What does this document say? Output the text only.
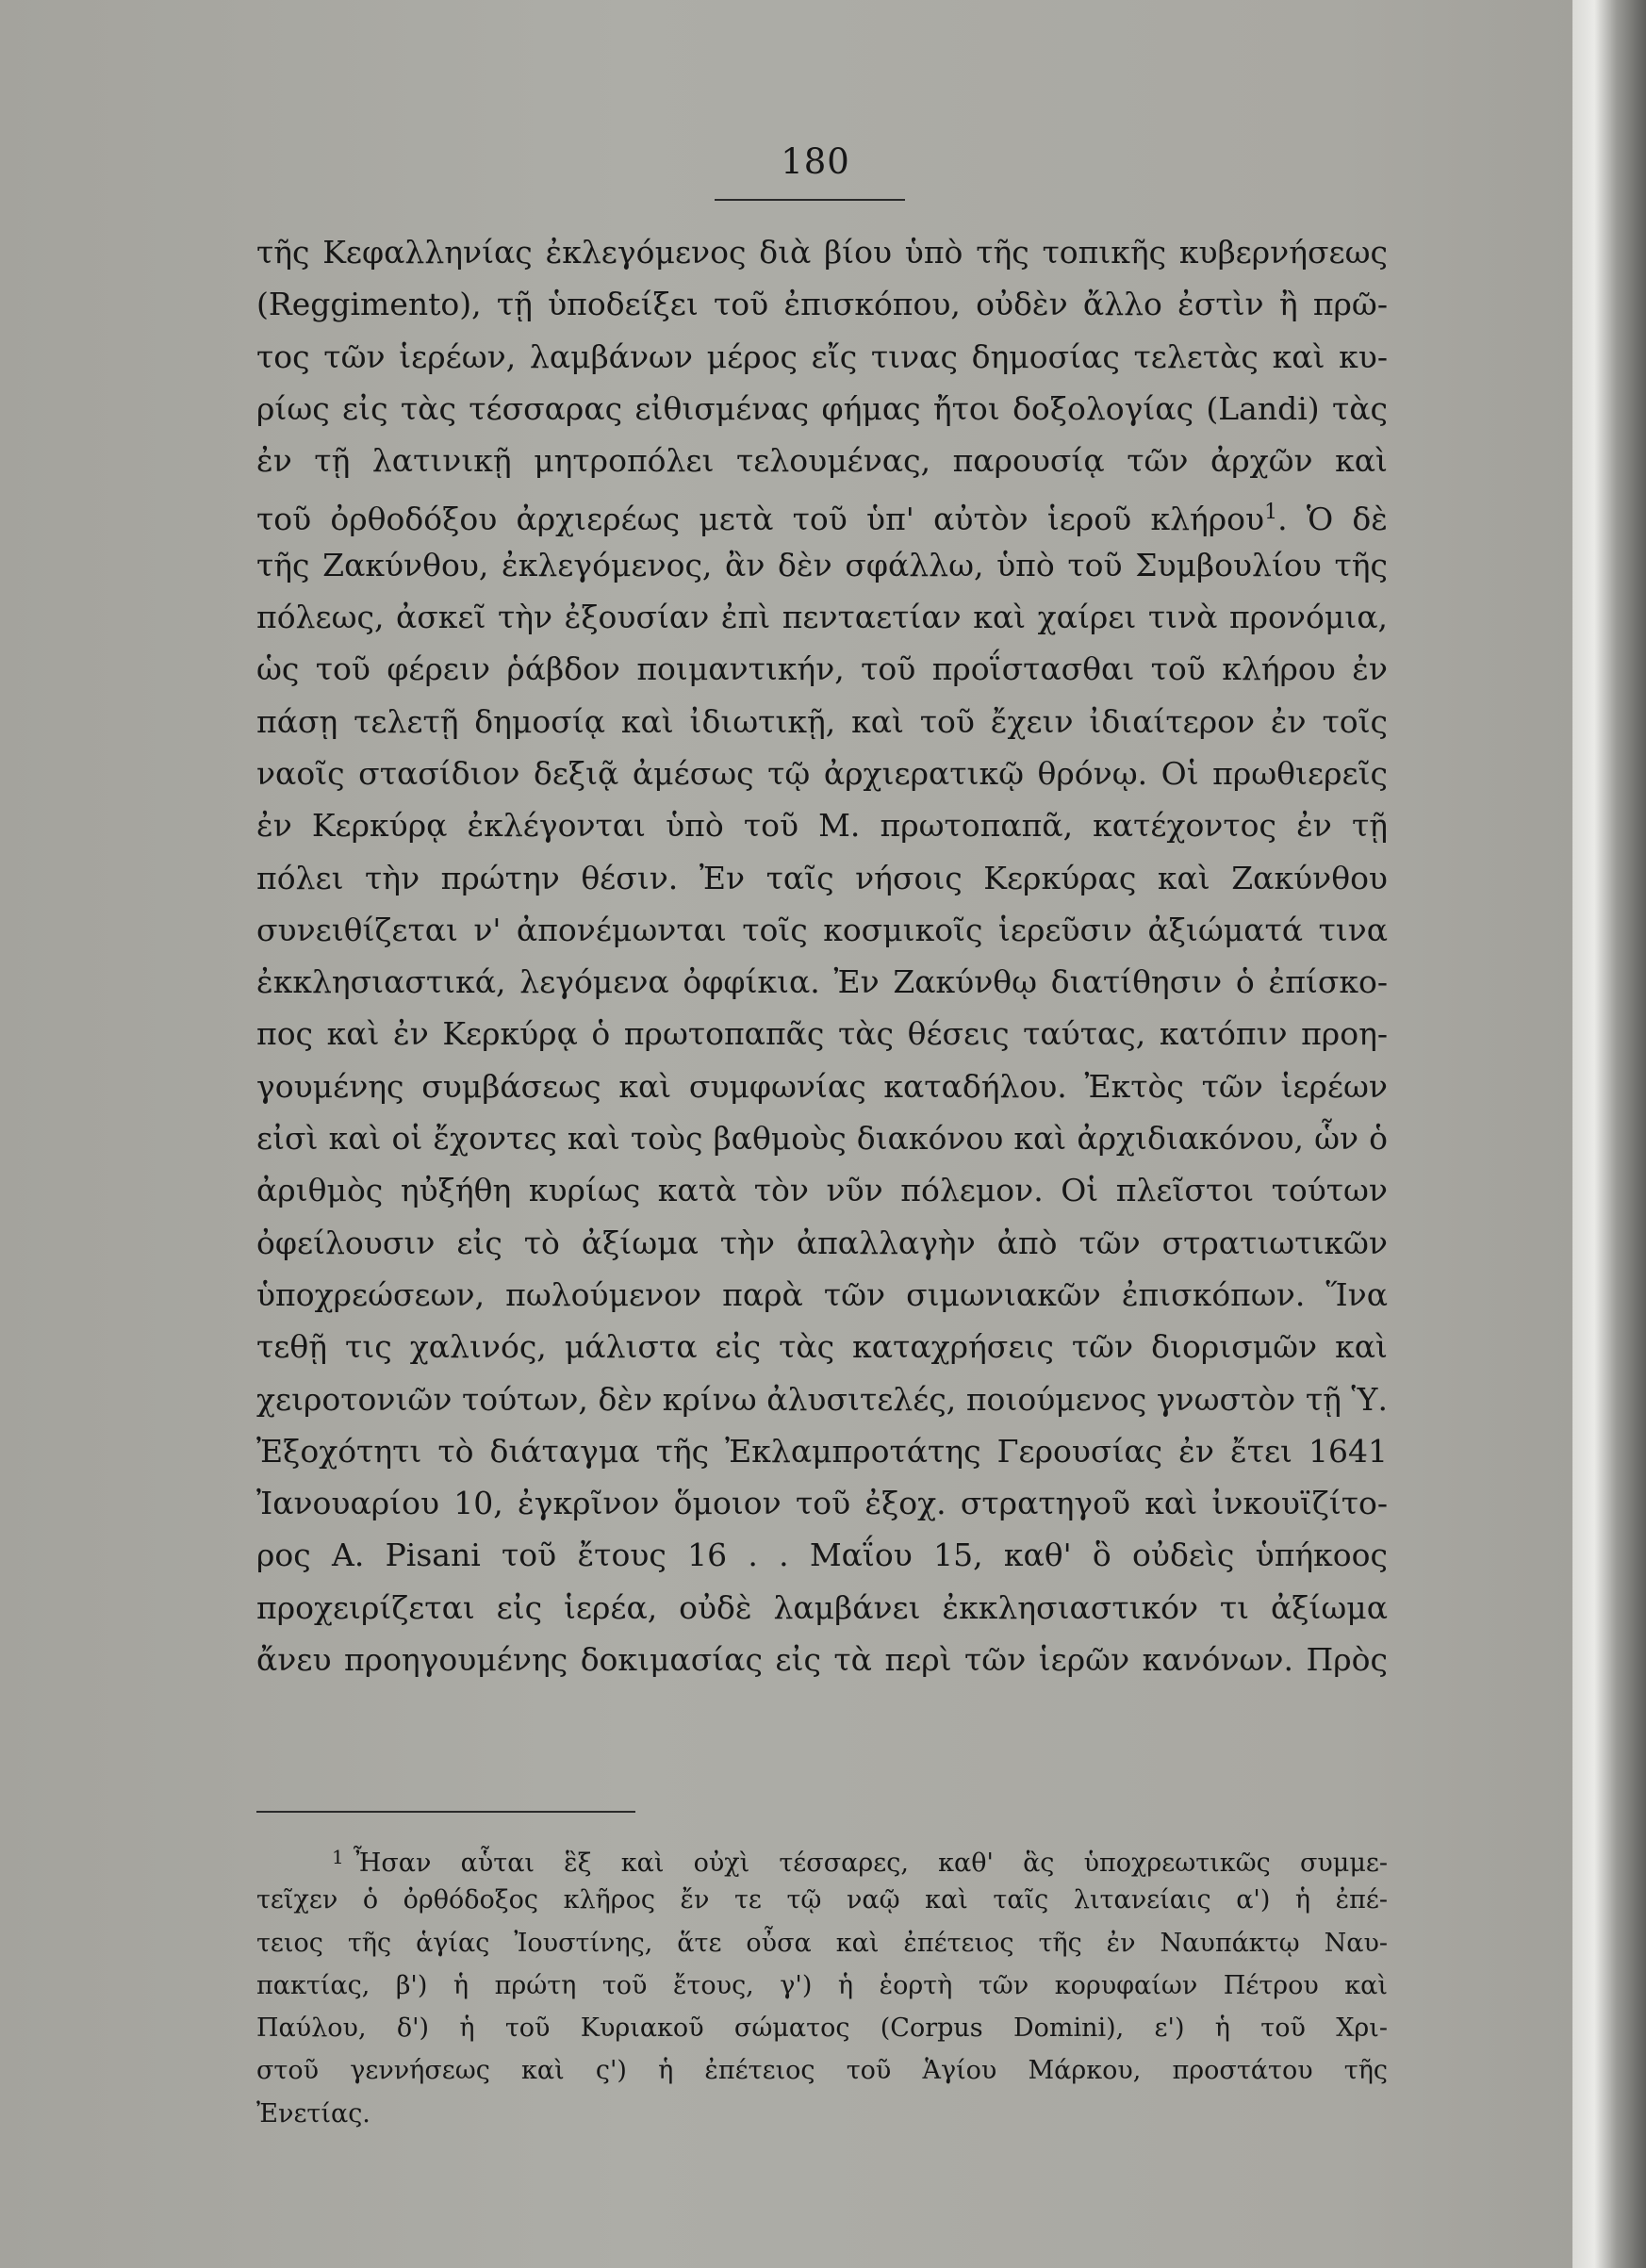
180
τῆς Κεφαλληνίας ἐκλεγόμενος διὰ βίου ὑπὸ τῆς τοπικῆς κυβερνήσεως
(Reggimento), τῇ ὑποδείξει τοῦ ἐπισκόπου, οὐδὲν ἄλλο ἐστὶν ἢ πρῶ-
τος τῶν ἱερέων, λαμβάνων μέρος εἴς τινας δημοσίας τελετὰς καὶ κυ-
ρίως εἰς τὰς τέσσαρας εἰθισμένας φήμας ἤτοι δοξολογίας (Landi) τὰς
ἐν τῇ λατινικῇ μητροπόλει τελουμένας, παρουσίᾳ τῶν ἀρχῶν καὶ
τοῦ ὀρθοδόξου ἀρχιερέως μετὰ τοῦ ὑπ' αὐτὸν ἱεροῦ κλήρου$^1$. Ὁ δὲ
τῆς Ζακύνθου, ἐκλεγόμενος, ἂν δὲν σφάλλω, ὑπὸ τοῦ Συμβουλίου τῆς
πόλεως, ἀσκεῖ τὴν ἐξουσίαν ἐπὶ πενταετίαν καὶ χαίρει τινὰ προνόμια,
ὡς τοῦ φέρειν ῥάβδον ποιμαντικήν, τοῦ προΐστασθαι τοῦ κλήρου ἐν
πάσῃ τελετῇ δημοσίᾳ καὶ ἰδιωτικῇ, καὶ τοῦ ἔχειν ἰδιαίτερον ἐν τοῖς
ναοῖς στασίδιον δεξιᾷ ἀμέσως τῷ ἀρχιερατικῷ θρόνῳ. Οἱ πρωθιερεῖς
ἐν Κερκύρᾳ ἐκλέγονται ὑπὸ τοῦ Μ. πρωτοπαπᾶ, κατέχοντος ἐν τῇ
πόλει τὴν πρώτην θέσιν. Ἐν ταῖς νήσοις Κερκύρας καὶ Ζακύνθου
συνειθίζεται ν' ἀπονέμωνται τοῖς κοσμικοῖς ἱερεῦσιν ἀξιώματά τινα
ἐκκλησιαστικά, λεγόμενα ὀφφίκια. Ἐν Ζακύνθῳ διατίθησιν ὁ ἐπίσκο-
πος καὶ ἐν Κερκύρᾳ ὁ πρωτοπαπᾶς τὰς θέσεις ταύτας, κατόπιν προη-
γουμένης συμβάσεως καὶ συμφωνίας καταδήλου. Ἐκτὸς τῶν ἱερέων
εἰσὶ καὶ οἱ ἔχοντες καὶ τοὺς βαθμοὺς διακόνου καὶ ἀρχιδιακόνου, ὧν ὁ
ἀριθμὸς ηὐξήθη κυρίως κατὰ τὸν νῦν πόλεμον. Οἱ πλεῖστοι τούτων
ὀφείλουσιν εἰς τὸ ἀξίωμα τὴν ἀπαλλαγὴν ἀπὸ τῶν στρατιωτικῶν
ὑποχρεώσεων, πωλούμενον παρὰ τῶν σιμωνιακῶν ἐπισκόπων. Ἵνα
τεθῇ τις χαλινός, μάλιστα εἰς τὰς καταχρήσεις τῶν διορισμῶν καὶ
χειροτονιῶν τούτων, δὲν κρίνω ἀλυσιτελές, ποιούμενος γνωστὸν τῇ Ὑ.
Ἐξοχότητι τὸ διάταγμα τῆς Ἐκλαμπροτάτης Γερουσίας ἐν ἔτει 1641
Ἰανουαρίου 10, ἐγκρῖνον ὅμοιον τοῦ ἐξοχ. στρατηγοῦ καὶ ἰνκουϊζίτο-
ρος A. Pisani τοῦ ἔτους 16 . . Μαΐου 15, καθ' ὃ οὐδεὶς ὑπήκοος
προχειρίζεται εἰς ἱερέα, οὐδὲ λαμβάνει ἐκκλησιαστικόν τι ἀξίωμα
ἄνευ προηγουμένης δοκιμασίας εἰς τὰ περὶ τῶν ἱερῶν κανόνων. Πρὸς
$^1$ Ἦσαν αὗται ἓξ καὶ οὐχὶ τέσσαρες, καθ' ἃς ὑποχρεωτικῶς συμμε-
τεῖχεν ὁ ὀρθόδοξος κλῆρος ἔν τε τῷ ναῷ καὶ ταῖς λιτανείαις α') ἡ ἐπέ-
τειος τῆς ἁγίας Ἰουστίνης, ἅτε οὖσα καὶ ἐπέτειος τῆς ἐν Ναυπάκτῳ Ναυ-
πακτίας, β') ἡ πρώτη τοῦ ἔτους, γ') ἡ ἑορτὴ τῶν κορυφαίων Πέτρου καὶ
Παύλου, δ') ἡ τοῦ Κυριακοῦ σώματος (Corpus Domini), ε') ἡ τοῦ Χρι-
στοῦ γεννήσεως καὶ ς') ἡ ἐπέτειος τοῦ Ἁγίου Μάρκου, προστάτου τῆς
Ἐνετίας.
